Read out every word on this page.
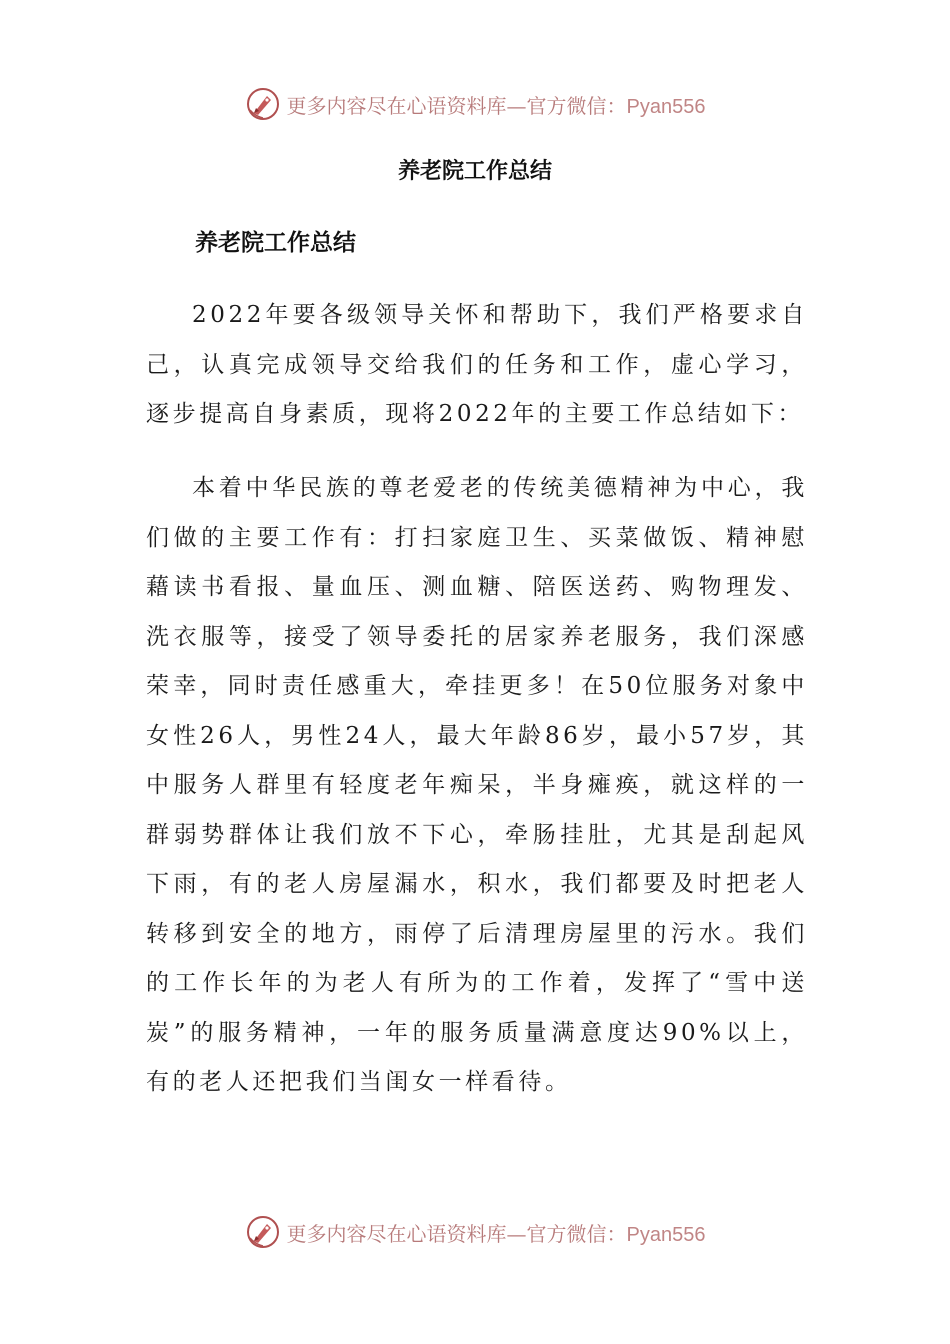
更多内容尽在心语资料库—官方微信：Pyan556
养老院工作总结
养老院工作总结

2022年要各级领导关怀和帮助下，我们严格要求自己，认真完成领导交给我们的任务和工作，虚心学习，逐步提高自身素质，现将2022年的主要工作总结如下：

本着中华民族的尊老爱老的传统美德精神为中心，我们做的主要工作有：打扫家庭卫生、买菜做饭、精神慰藉读书看报、量血压、测血糖、陪医送药、购物理发、洗衣服等，接受了领导委托的居家养老服务，我们深感荣幸，同时责任感重大，牵挂更多！在50位服务对象中女性26人，男性24人，最大年龄86岁，最小57岁，其中服务人群里有轻度老年痴呆，半身瘫痪，就这样的一群弱势群体让我们放不下心，牵肠挂肚，尤其是刮起风下雨，有的老人房屋漏水，积水，我们都要及时把老人转移到安全的地方，雨停了后清理房屋里的污水。我们的工作长年的为老人有所为的工作着，发挥了“雪中送炭”的服务精神，一年的服务质量满意度达90%以上，有的老人还把我们当闺女一样看待。

更多内容尽在心语资料库—官方微信：Pyan556
